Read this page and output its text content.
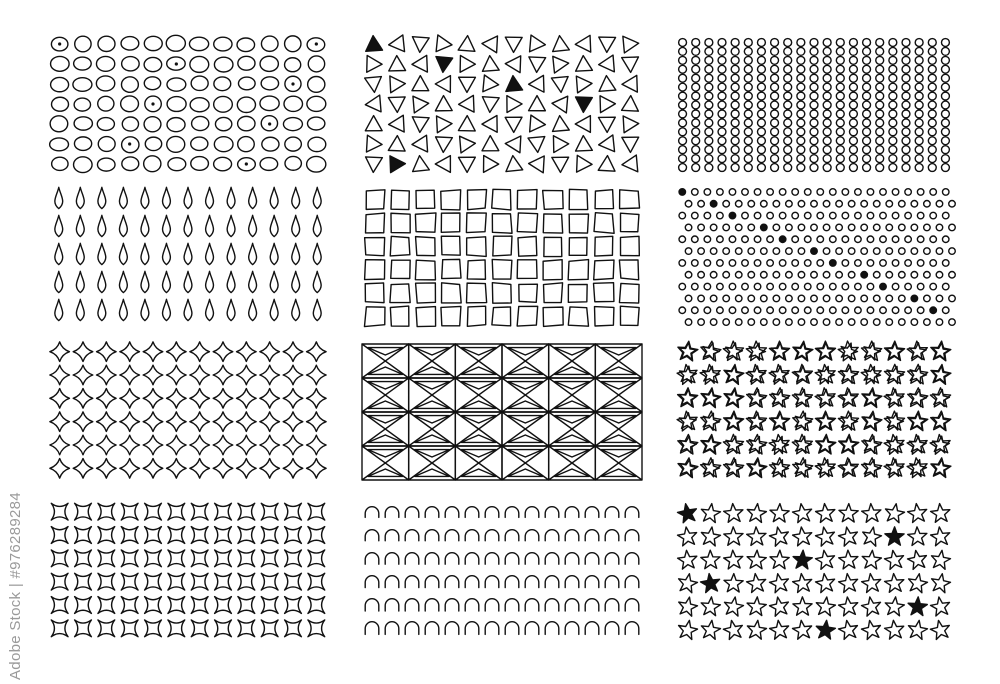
Adobe Stock | #976289284
